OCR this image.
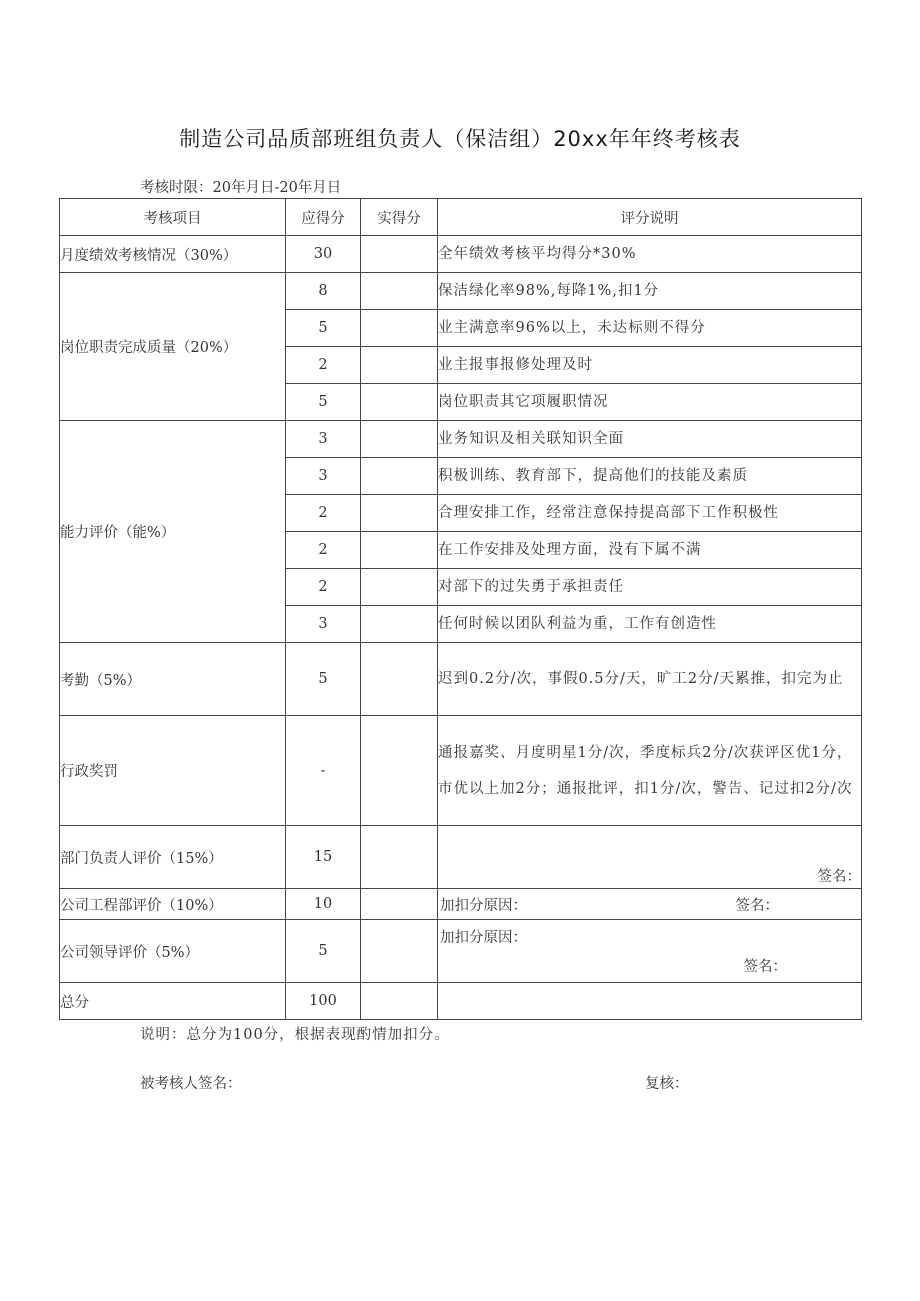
制造公司品质部班组负责人（保洁组）20xx年年终考核表
考核时限：20年月日-20年月日
考核项目	应得分	实得分	评分说明
月度绩效考核情况（30%）	30		全年绩效考核平均得分*30%
岗位职责完成质量（20%）	8		保洁绿化率98%,每降1%,扣1分
	5		业主满意率96%以上，未达标则不得分
	2		业主报事报修处理及时
	5		岗位职责其它项履职情况
能力评价（能%）	3		业务知识及相关联知识全面
	3		积极训练、教育部下，提高他们的技能及素质
	2		合理安排工作，经常注意保持提高部下工作积极性
	2		在工作安排及处理方面，没有下属不满
	2		对部下的过失勇于承担责任
	3		任何时候以团队利益为重，工作有创造性
考勤（5%）	5		迟到0.2分/次，事假0.5分/天，旷工2分/天累推，扣完为止
行政奖罚	-		通报嘉奖、月度明星1分/次，季度标兵2分/次获评区优1分，市优以上加2分；通报批评，扣1分/次，警告、记过扣2分/次
部门负责人评价（15%）	15		签名：
公司工程部评价（10%）	10		加扣分原因： 签名：

公司领导评价（5%）	5		加扣分原因：
签名：

总分	100		
说明：总分为100分，根据表现酌情加扣分。
被考核人签名：	复核：
